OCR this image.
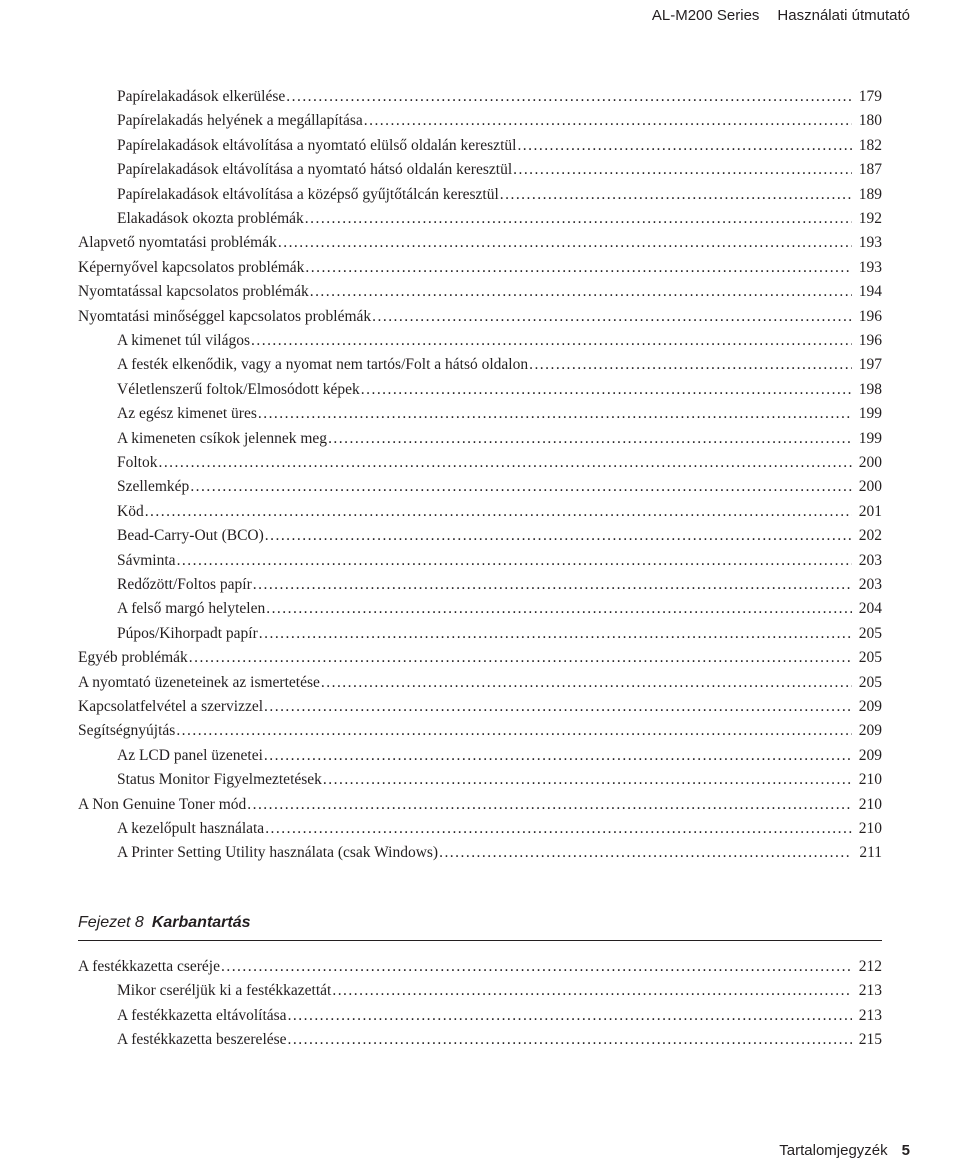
AL-M200 Series Használati útmutató
Papírelakadások elkerülése . . .	179
Papírelakadás helyének a megállapítása . . .	180
Papírelakadások eltávolítása a nyomtató elülső oldalán keresztül . . .	182
Papírelakadások eltávolítása a nyomtató hátsó oldalán keresztül . . .	187
Papírelakadások eltávolítása a középső gyűjtőtálcán keresztül . . .	189
Elakadások okozta problémák . . .	192
Alapvető nyomtatási problémák . . .	193
Képernyővel kapcsolatos problémák . . .	193
Nyomtatással kapcsolatos problémák . . .	194
Nyomtatási minőséggel kapcsolatos problémák . . .	196
A kimenet túl világos . . .	196
A festék elkenődik, vagy a nyomat nem tartós/Folt a hátsó oldalon . . .	197
Véletlenszerű foltok/Elmosódott képek . . .	198
Az egész kimenet üres . . .	199
A kimeneten csíkok jelennek meg . . .	199
Foltok . . .	200
Szellemkép . . .	200
Köd . . .	201
Bead-Carry-Out (BCO) . . .	202
Sávminta . . .	203
Redőzött/Foltos papír . . .	203
A felső margó helytelen . . .	204
Púpos/Kihorpadt papír . . .	205
Egyéb problémák . . .	205
A nyomtató üzeneteinek az ismertetése . . .	205
Kapcsolatfelvétel a szervizzel . . .	209
Segítségnyújtás . . .	209
Az LCD panel üzenetei . . .	209
Status Monitor Figyelmeztetések . . .	210
A Non Genuine Toner mód . . .	210
A kezelőpult használata . . .	210
A Printer Setting Utility használata (csak Windows) . . .	211
A festékkazetta cseréje . . .	212
Mikor cseréljük ki a festékkazettát . . .	213
A festékkazetta eltávolítása . . .	213
A festékkazetta beszerelése . . .	215
Fejezet 8 Karbantartás
Tartalomjegyzék 5
